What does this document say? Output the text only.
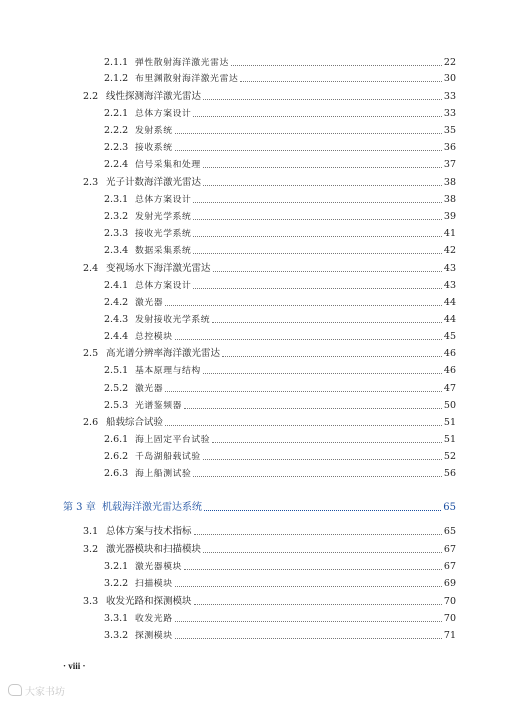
2.1.1 弹性散射海洋激光雷达	22
2.1.2 布里渊散射海洋激光雷达	30
2.2 线性探测海洋激光雷达	33
2.2.1 总体方案设计	33
2.2.2 发射系统	35
2.2.3 接收系统	36
2.2.4 信号采集和处理	37
2.3 光子计数海洋激光雷达	38
2.3.1 总体方案设计	38
2.3.2 发射光学系统	39
2.3.3 接收光学系统	41
2.3.4 数据采集系统	42
2.4 变视场水下海洋激光雷达	43
2.4.1 总体方案设计	43
2.4.2 激光器	44
2.4.3 发射接收光学系统	44
2.4.4 总控模块	45
2.5 高光谱分辨率海洋激光雷达	46
2.5.1 基本原理与结构	46
2.5.2 激光器	47
2.5.3 光谱鉴频器	50
2.6 船载综合试验	51
2.6.1 海上固定平台试验	51
2.6.2 千岛湖船载试验	52
2.6.3 海上船测试验	56
第 3 章 机载海洋激光雷达系统	65
3.1 总体方案与技术指标	65
3.2 激光器模块和扫描模块	67
3.2.1 激光器模块	67
3.2.2 扫描模块	69
3.3 收发光路和探测模块	70
3.3.1 收发光路	70
3.3.2 探测模块	71
· viii ·
大家书坊
